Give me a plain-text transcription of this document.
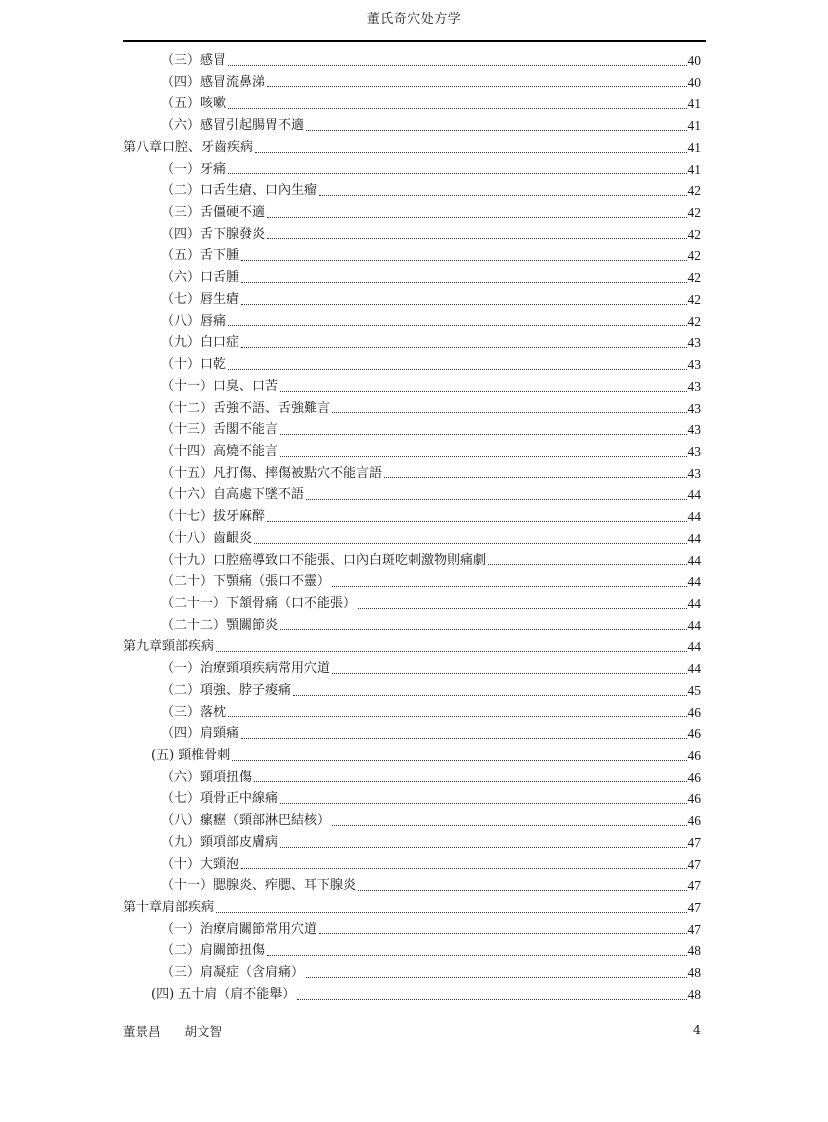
董氏奇穴处方学
（三）感冒	40
（四）感冒流鼻涕	40
（五）咳嗽	41
（六）感冒引起腸胃不適	41
第八章口腔、牙齒疾病	41
（一）牙痛	41
（二）口舌生瘡、口內生瘤	42
（三）舌僵硬不適	42
（四）舌下腺發炎	42
（五）舌下腫	42
（六）口舌腫	42
（七）唇生瘡	42
（八）唇痛	42
（九）白口症	43
（十）口乾	43
（十一）口臭、口苦	43
（十二）舌強不語、舌強難言	43
（十三）舌閣不能言	43
（十四）高燒不能言	43
（十五）凡打傷、摔傷被點穴不能言語	43
（十六）自高處下墜不語	44
（十七）拔牙麻醉	44
（十八）齒齦炎	44
（十九）口腔癌導致口不能張、口內白斑吃刺激物則痛劇	44
（二十）下顎痛（張口不靈）	44
（二十一）下頷骨痛（口不能張）	44
（二十二）顎關節炎	44
第九章頸部疾病	44
（一）治療頸項疾病常用穴道	44
（二）項強、脖子痠痛	45
（三）落枕	46
（四）肩頸痛	46
(五) 頸椎骨刺	46
（六）頸項扭傷	46
（七）項骨正中線痛	46
（八）瘰癧（頸部淋巴結核）	46
（九）頸項部皮膚病	47
（十）大頸泡	47
（十一）腮腺炎、痄腮、耳下腺炎	47
第十章肩部疾病	47
（一）治療肩關節常用穴道	47
（二）肩關節扭傷	48
（三）肩凝症（含肩痛）	48
(四) 五十肩（肩不能舉）	48
董景昌 胡文智	4
